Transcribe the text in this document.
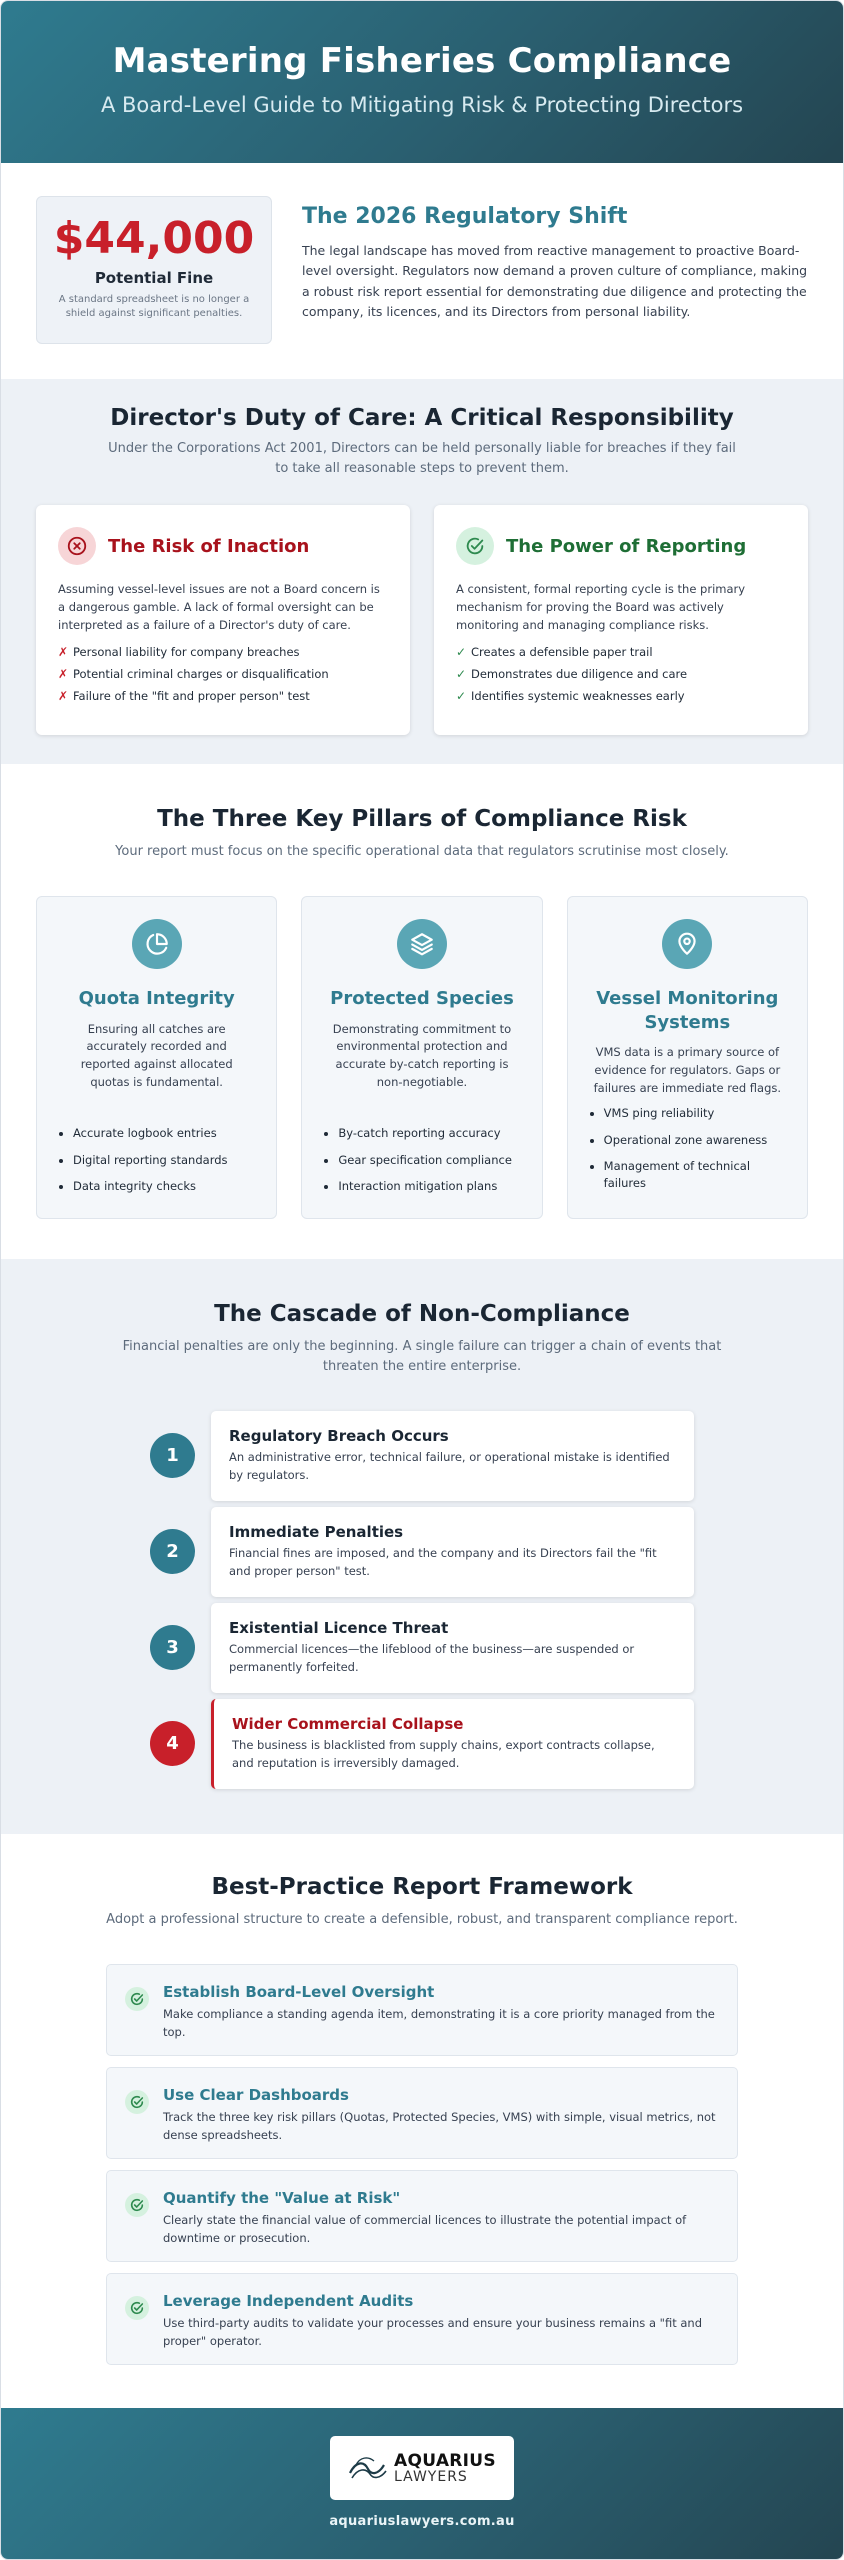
Mastering Fisheries Compliance
A Board-Level Guide to Mitigating Risk & Protecting Directors
$44,000
Potential Fine
A standard spreadsheet is no longer a shield against significant penalties.
The 2026 Regulatory Shift

The legal landscape has moved from reactive management to proactive Board-level oversight. Regulators now demand a proven culture of compliance, making a robust risk report essential for demonstrating due diligence and protecting the company, its licences, and its Directors from personal liability.

Director's Duty of Care: A Critical Responsibility

Under the Corporations Act 2001, Directors can be held personally liable for breaches if they fail to take all reasonable steps to prevent them.

The Risk of Inaction

Assuming vessel-level issues are not a Board concern is a dangerous gamble. A lack of formal oversight can be interpreted as a failure of a Director's duty of care.

✗ Personal liability for company breaches
✗ Potential criminal charges or disqualification
✗ Failure of the "fit and proper person" test
The Power of Reporting

A consistent, formal reporting cycle is the primary mechanism for proving the Board was actively monitoring and managing compliance risks.

✓ Creates a defensible paper trail
✓ Demonstrates due diligence and care
✓ Identifies systemic weaknesses early
The Three Key Pillars of Compliance Risk

Your report must focus on the specific operational data that regulators scrutinise most closely.

Quota Integrity

Ensuring all catches are accurately recorded and reported against allocated quotas is fundamental.

• Accurate logbook entries
• Digital reporting standards
• Data integrity checks
Protected Species

Demonstrating commitment to environmental protection and accurate by-catch reporting is non-negotiable.

• By-catch reporting accuracy
• Gear specification compliance
• Interaction mitigation plans
Vessel Monitoring Systems

VMS data is a primary source of evidence for regulators. Gaps or failures are immediate red flags.

• VMS ping reliability
• Operational zone awareness
• Management of technical failures
The Cascade of Non-Compliance

Financial penalties are only the beginning. A single failure can trigger a chain of events that threaten the entire enterprise.

1
Regulatory Breach Occurs

An administrative error, technical failure, or operational mistake is identified by regulators.

2
Immediate Penalties

Financial fines are imposed, and the company and its Directors fail the "fit and proper person" test.

3
Existential Licence Threat

Commercial licences—the lifeblood of the business—are suspended or permanently forfeited.

4
Wider Commercial Collapse

The business is blacklisted from supply chains, export contracts collapse, and reputation is irreversibly damaged.

Best-Practice Report Framework

Adopt a professional structure to create a defensible, robust, and transparent compliance report.

Establish Board-Level Oversight

Make compliance a standing agenda item, demonstrating it is a core priority managed from the top.

Use Clear Dashboards

Track the three key risk pillars (Quotas, Protected Species, VMS) with simple, visual metrics, not dense spreadsheets.

Quantify the "Value at Risk"

Clearly state the financial value of commercial licences to illustrate the potential impact of downtime or prosecution.

Leverage Independent Audits

Use third-party audits to validate your processes and ensure your business remains a "fit and proper" operator.

AQUARIUS
LAWYERS
aquariuslawyers.com.au
